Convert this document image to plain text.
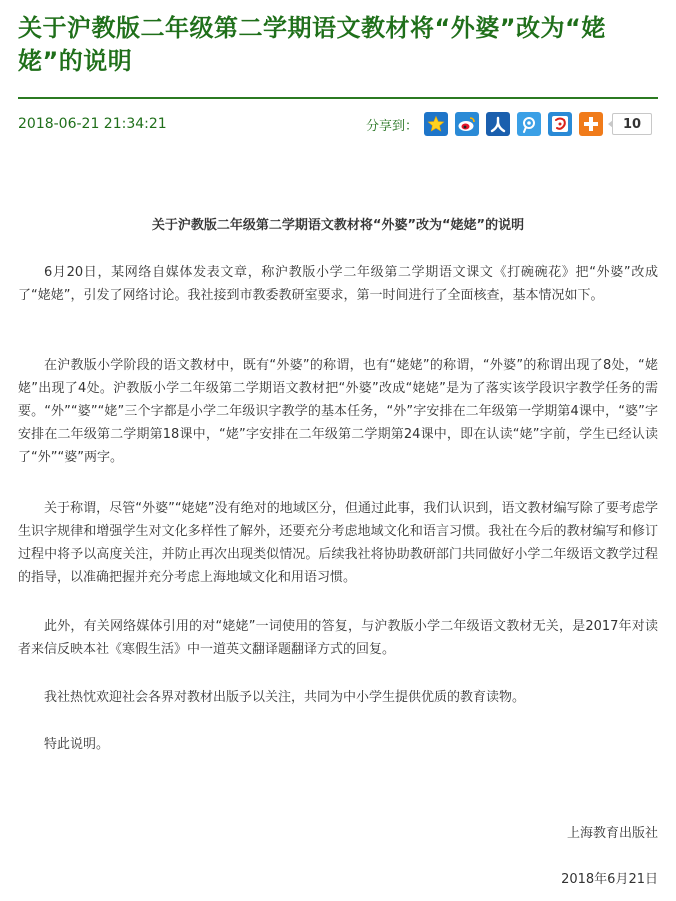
关于沪教版二年级第二学期语文教材将“外婆”改为“姥姥”的说明
2018-06-21 21:34:21	分享到：	10
关于沪教版二年级第二学期语文教材将“外婆”改为“姥姥”的说明

6月20日，某网络自媒体发表文章，称沪教版小学二年级第二学期语文课文《打碗碗花》把“外婆”改成了“姥姥”，引发了网络讨论。我社接到市教委教研室要求，第一时间进行了全面核查，基本情况如下。

在沪教版小学阶段的语文教材中，既有“外婆”的称谓，也有“姥姥”的称谓，“外婆”的称谓出现了8处，“姥姥”出现了4处。沪教版小学二年级第二学期语文教材把“外婆”改成“姥姥”是为了落实该学段识字教学任务的需要。“外”“婆”“姥”三个字都是小学二年级识字教学的基本任务，“外”字安排在二年级第一学期第4课中，“婆”字安排在二年级第二学期第18课中，“姥”字安排在二年级第二学期第24课中，即在认读“姥”字前，学生已经认读了“外”“婆”两字。

关于称谓，尽管“外婆”“姥姥”没有绝对的地域区分，但通过此事，我们认识到，语文教材编写除了要考虑学生识字规律和增强学生对文化多样性了解外，还要充分考虑地域文化和语言习惯。我社在今后的教材编写和修订过程中将予以高度关注，并防止再次出现类似情况。后续我社将协助教研部门共同做好小学二年级语文教学过程的指导，以准确把握并充分考虑上海地域文化和用语习惯。

此外，有关网络媒体引用的对“姥姥”一词使用的答复，与沪教版小学二年级语文教材无关，是2017年对读者来信反映本社《寒假生活》中一道英文翻译题翻译方式的回复。

我社热忱欢迎社会各界对教材出版予以关注，共同为中小学生提供优质的教育读物。

特此说明。

上海教育出版社

2018年6月21日
